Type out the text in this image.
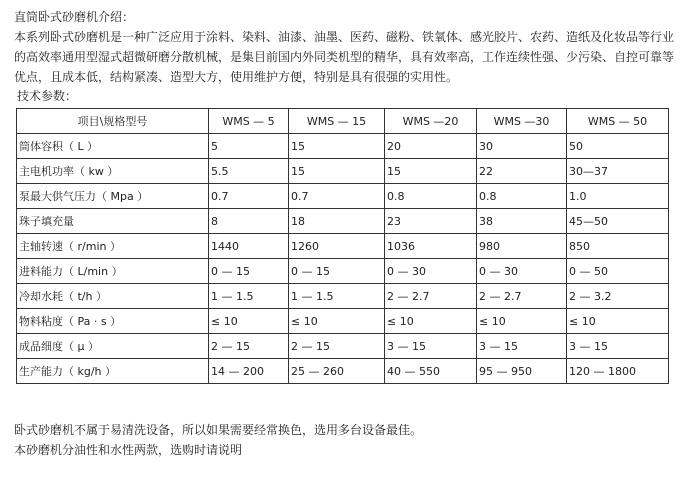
直筒卧式砂磨机介绍：

本系列卧式砂磨机是一种广泛应用于涂料、染料、油漆、油墨、医药、磁粉、铁氧体、感光胶片、农药、造纸及化妆品等行业的高效率通用型湿式超微研磨分散机械，是集目前国内外同类机型的精华，具有效率高，工作连续性强、少污染、自控可靠等优点，且成本低，结构紧凑、造型大方，使用维护方便，特别是具有很强的实用性。

技术参数：

项目\规格型号	WMS — 5	WMS — 15	WMS —20	WMS —30	WMS — 50
筒体容积（ L ）	5	15	20	30	50
主电机功率（ kw ）	5.5	15	15	22	30—37
泵最大供气压力（ Mpa ）	0.7	0.7	0.8	0.8	1.0
珠子填充量	8	18	23	38	45—50
主轴转速（ r/min ）	1440	1260	1036	980	850
进料能力（ L/min ）	0 — 15	0 — 15	0 — 30	0 — 30	0 — 50
冷却水耗（ t/h ）	1 — 1.5	1 — 1.5	2 — 2.7	2 — 2.7	2 — 3.2
物料粘度（ Pa · s ）	≤ 10	≤ 10	≤ 10	≤ 10	≤ 10
成品细度（ μ ）	2 — 15	2 — 15	3 — 15	3 — 15	3 — 15
生产能力（ kg/h ）	14 — 200	25 — 260	40 — 550	95 — 950	120 — 1800

卧式砂磨机不属于易清洗设备，所以如果需要经常换色，选用多台设备最佳。

本砂磨机分油性和水性两款，选购时请说明
